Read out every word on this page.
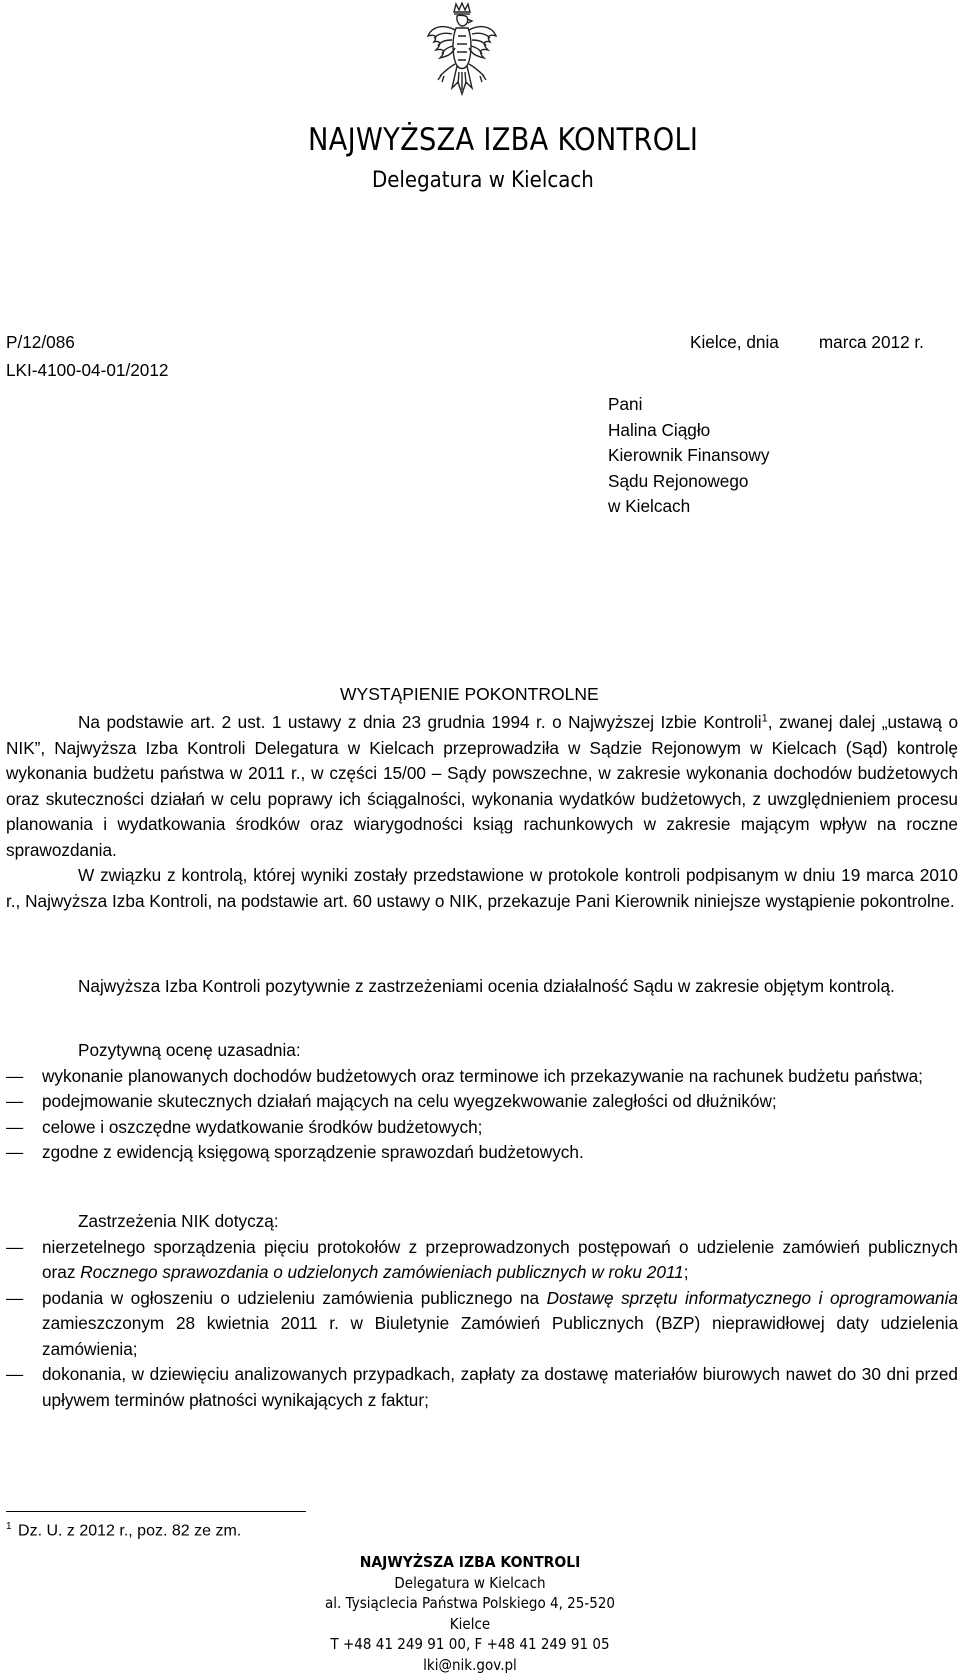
NAJWYŻSZA IZBA KONTROLI
Delegatura w Kielcach
P/12/086
LKI-4100-04-01/2012
Kielce, dnia marca 2012 r.
Pani
Halina Ciągło
Kierownik Finansowy
Sądu Rejonowego
w Kielcach
WYSTĄPIENIE POKONTROLNE

Na podstawie art. 2 ust. 1 ustawy z dnia 23 grudnia 1994 r. o Najwyższej Izbie Kontroli$^1$, zwanej dalej „ustawą o NIK”, Najwyższa Izba Kontroli Delegatura w Kielcach przeprowadziła w Sądzie Rejonowym w Kielcach (Sąd) kontrolę wykonania budżetu państwa w 2011 r., w części 15/00 – Sądy powszechne, w zakresie wykonania dochodów budżetowych oraz skuteczności działań w celu poprawy ich ściągalności, wykonania wydatków budżetowych, z uwzględnieniem procesu planowania i wydatkowania środków oraz wiarygodności ksiąg rachunkowych w zakresie mającym wpływ na roczne sprawozdania.

W związku z kontrolą, której wyniki zostały przedstawione w protokole kontroli podpisanym w dniu 19 marca 2010 r., Najwyższa Izba Kontroli, na podstawie art. 60 ustawy o NIK, przekazuje Pani Kierownik niniejsze wystąpienie pokontrolne.

Najwyższa Izba Kontroli pozytywnie z zastrzeżeniami ocenia działalność Sądu w zakresie objętym kontrolą.

Pozytywną ocenę uzasadnia:

— wykonanie planowanych dochodów budżetowych oraz terminowe ich przekazywanie na rachunek budżetu państwa;
— podejmowanie skutecznych działań mających na celu wyegzekwowanie zaległości od dłużników;
— celowe i oszczędne wydatkowanie środków budżetowych;
— zgodne z ewidencją księgową sporządzenie sprawozdań budżetowych.

Zastrzeżenia NIK dotyczą:

— nierzetelnego sporządzenia pięciu protokołów z przeprowadzonych postępowań o udzielenie zamówień publicznych oraz Rocznego sprawozdania o udzielonych zamówieniach publicznych w roku 2011;
— podania w ogłoszeniu o udzieleniu zamówienia publicznego na Dostawę sprzętu informatycznego i oprogramowania zamieszczonym 28 kwietnia 2011 r. w Biuletynie Zamówień Publicznych (BZP) nieprawidłowej daty udzielenia zamówienia;
— dokonania, w dziewięciu analizowanych przypadkach, zapłaty za dostawę materiałów biurowych nawet do 30 dni przed upływem terminów płatności wynikających z faktur;
$^1$ Dz. U. z 2012 r., poz. 82 ze zm.
NAJWYŻSZA IZBA KONTROLI
Delegatura w Kielcach
al. Tysiąclecia Państwa Polskiego 4, 25-520 Kielce
T +48 41 249 91 00, F +48 41 249 91 05
lki@nik.gov.pl
